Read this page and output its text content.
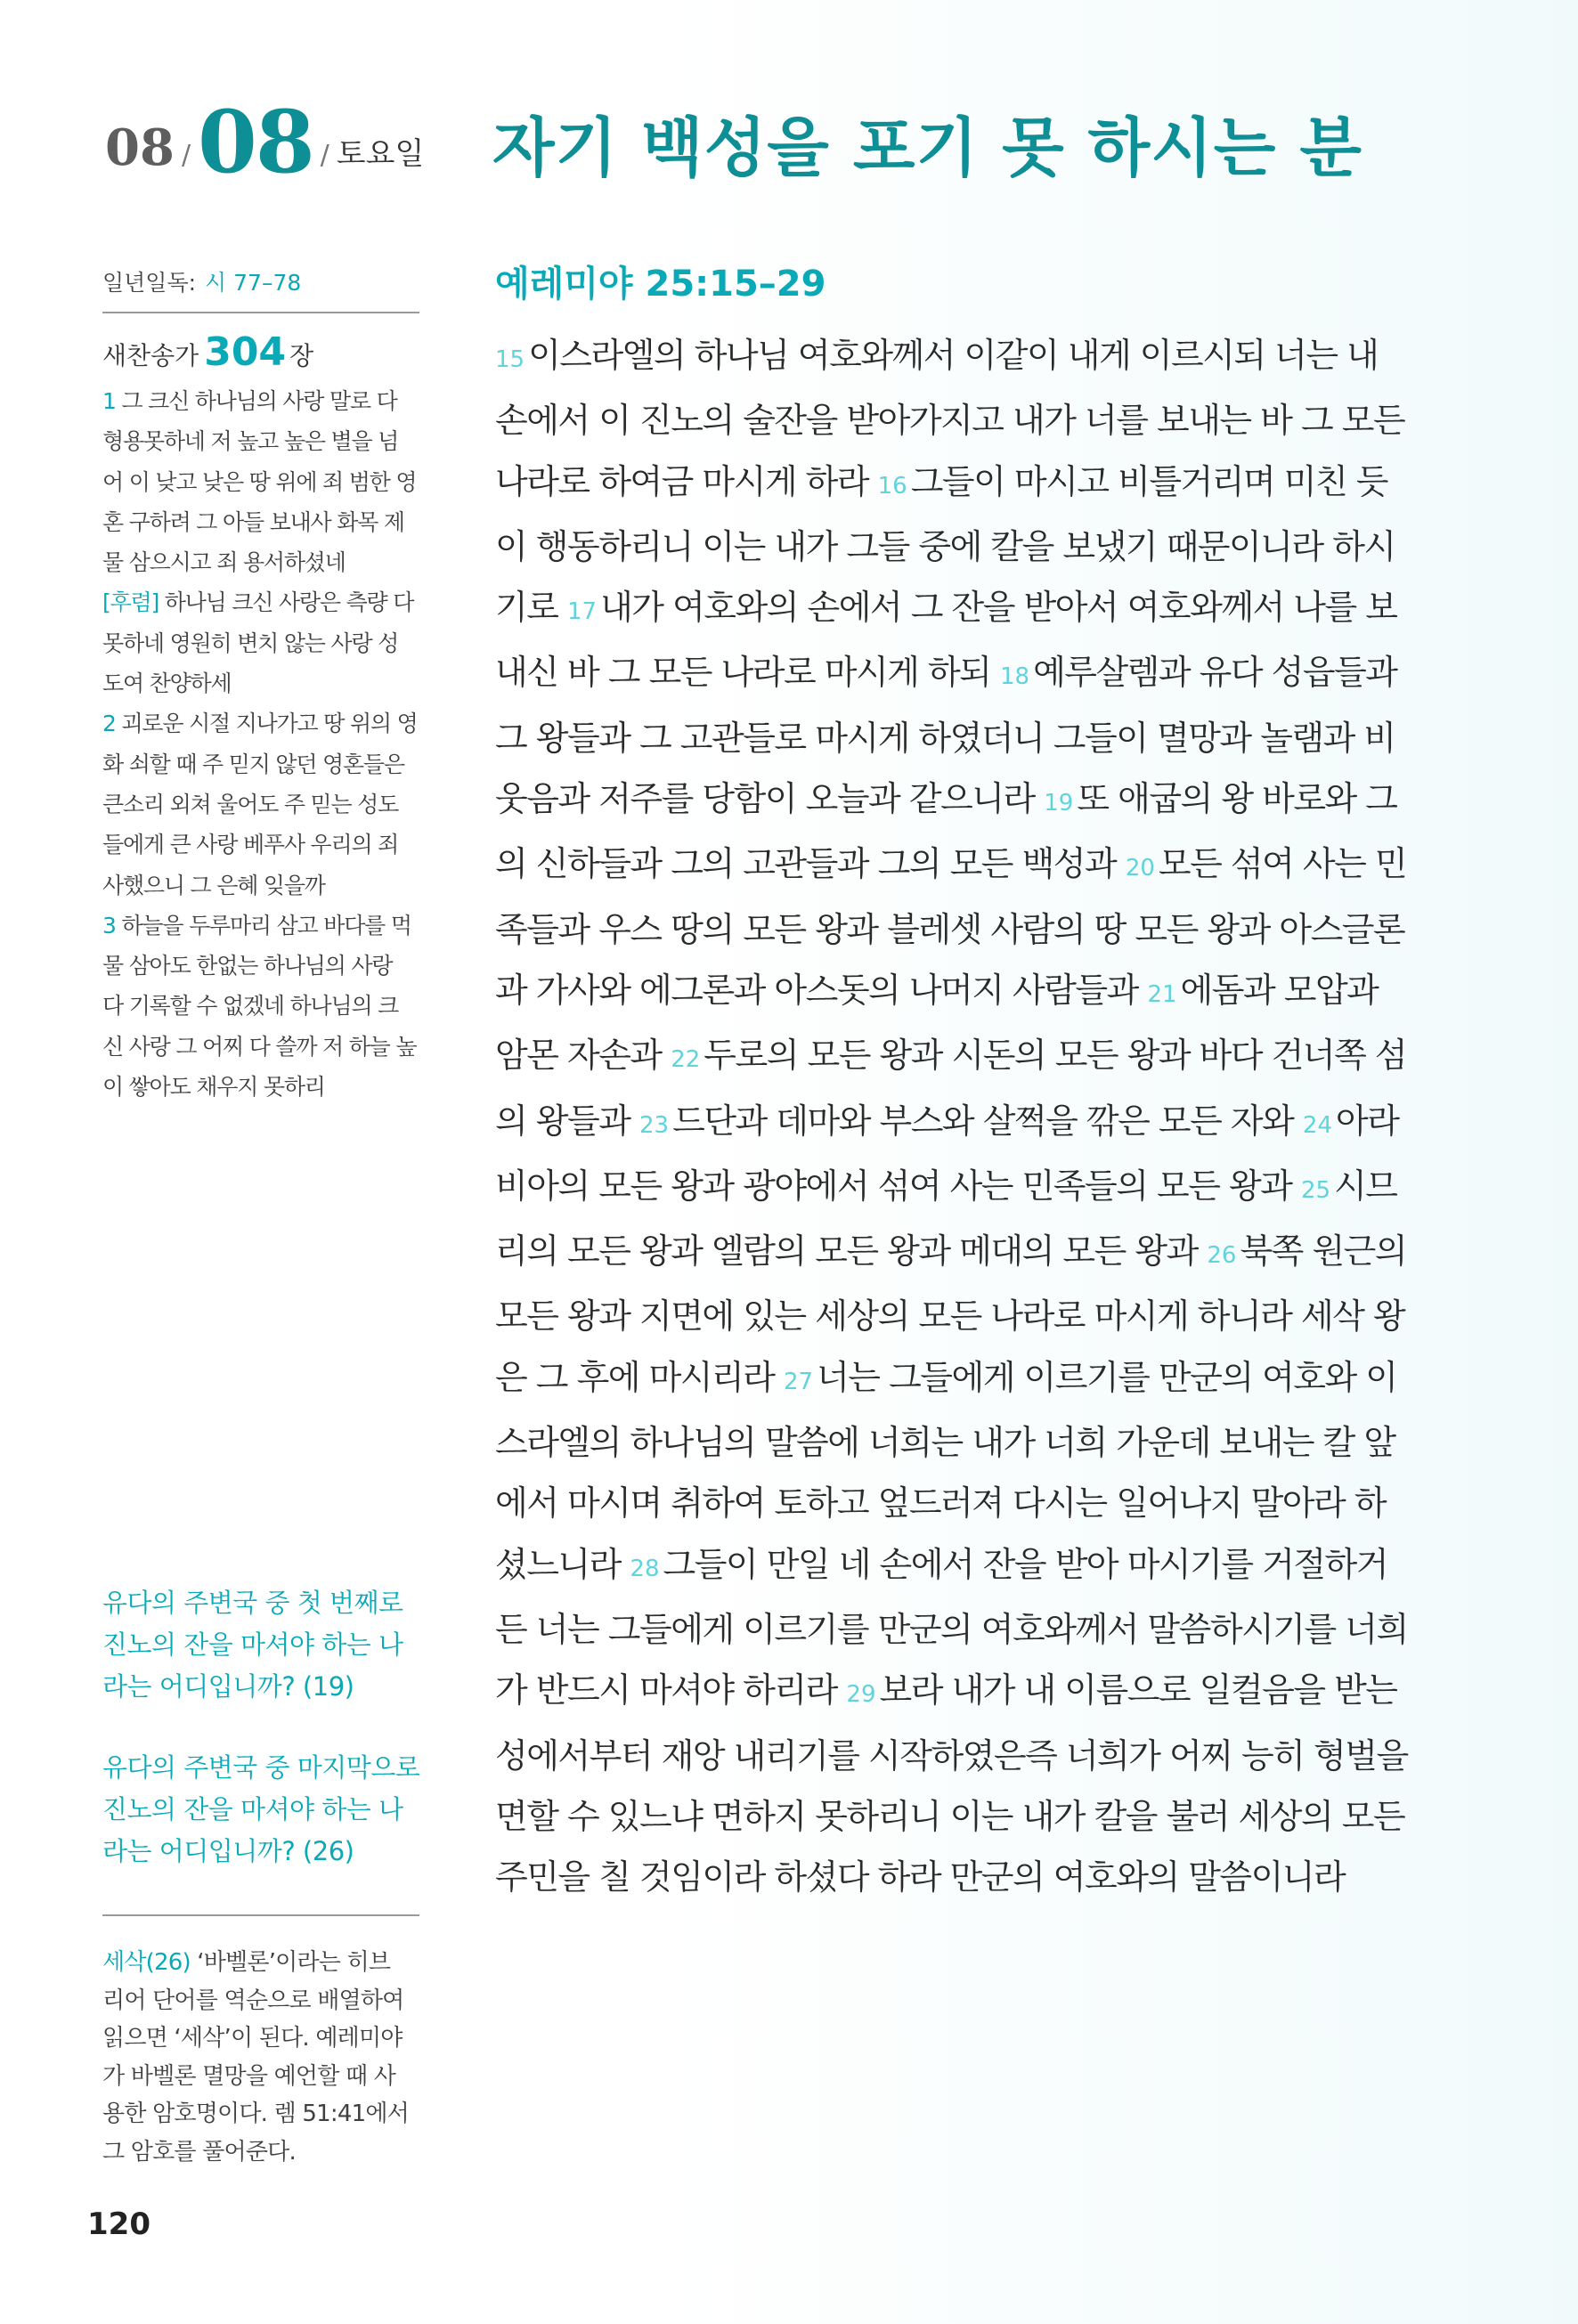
08 / 08 / 토요일 자기 백성을 포기 못 하시는 분
일년일독: 시 77–78
새찬송가 304 장
1 그 크신 하나님의 사랑 말로 다
형용못하네 저 높고 높은 별을 넘
어 이 낮고 낮은 땅 위에 죄 범한 영
혼 구하려 그 아들 보내사 화목 제
물 삼으시고 죄 용서하셨네
[후렴] 하나님 크신 사랑은 측량 다
못하네 영원히 변치 않는 사랑 성
도여 찬양하세
2 괴로운 시절 지나가고 땅 위의 영
화 쇠할 때 주 믿지 않던 영혼들은
큰소리 외쳐 울어도 주 믿는 성도
들에게 큰 사랑 베푸사 우리의 죄
사했으니 그 은혜 잊을까
3 하늘을 두루마리 삼고 바다를 먹
물 삼아도 한없는 하나님의 사랑
다 기록할 수 없겠네 하나님의 크
신 사랑 그 어찌 다 쓸까 저 하늘 높
이 쌓아도 채우지 못하리
유다의 주변국 중 첫 번째로
진노의 잔을 마셔야 하는 나
라는 어디입니까? (19)
유다의 주변국 중 마지막으로
진노의 잔을 마셔야 하는 나
라는 어디입니까? (26)
세삭(26) ‘바벨론’이라는 히브
리어 단어를 역순으로 배열하여
읽으면 ‘세삭’이 된다. 예레미야
가 바벨론 멸망을 예언할 때 사
용한 암호명이다. 렘 51:41에서
그 암호를 풀어준다.
120
예레미야 25:15–29
15 이스라엘의 하나님 여호와께서 이같이 내게 이르시되 너는 내
손에서 이 진노의 술잔을 받아가지고 내가 너를 보내는 바 그 모든
나라로 하여금 마시게 하라 16 그들이 마시고 비틀거리며 미친 듯
이 행동하리니 이는 내가 그들 중에 칼을 보냈기 때문이니라 하시
기로 17 내가 여호와의 손에서 그 잔을 받아서 여호와께서 나를 보
내신 바 그 모든 나라로 마시게 하되 18 예루살렘과 유다 성읍들과
그 왕들과 그 고관들로 마시게 하였더니 그들이 멸망과 놀램과 비
웃음과 저주를 당함이 오늘과 같으니라 19 또 애굽의 왕 바로와 그
의 신하들과 그의 고관들과 그의 모든 백성과 20 모든 섞여 사는 민
족들과 우스 땅의 모든 왕과 블레셋 사람의 땅 모든 왕과 아스글론
과 가사와 에그론과 아스돗의 나머지 사람들과 21 에돔과 모압과
암몬 자손과 22 두로의 모든 왕과 시돈의 모든 왕과 바다 건너쪽 섬
의 왕들과 23 드단과 데마와 부스와 살쩍을 깎은 모든 자와 24 아라
비아의 모든 왕과 광야에서 섞여 사는 민족들의 모든 왕과 25 시므
리의 모든 왕과 엘람의 모든 왕과 메대의 모든 왕과 26 북쪽 원근의
모든 왕과 지면에 있는 세상의 모든 나라로 마시게 하니라 세삭 왕
은 그 후에 마시리라 27 너는 그들에게 이르기를 만군의 여호와 이
스라엘의 하나님의 말씀에 너희는 내가 너희 가운데 보내는 칼 앞
에서 마시며 취하여 토하고 엎드러져 다시는 일어나지 말아라 하
셨느니라 28 그들이 만일 네 손에서 잔을 받아 마시기를 거절하거
든 너는 그들에게 이르기를 만군의 여호와께서 말씀하시기를 너희
가 반드시 마셔야 하리라 29 보라 내가 내 이름으로 일컬음을 받는
성에서부터 재앙 내리기를 시작하였은즉 너희가 어찌 능히 형벌을
면할 수 있느냐 면하지 못하리니 이는 내가 칼을 불러 세상의 모든
주민을 칠 것임이라 하셨다 하라 만군의 여호와의 말씀이니라
